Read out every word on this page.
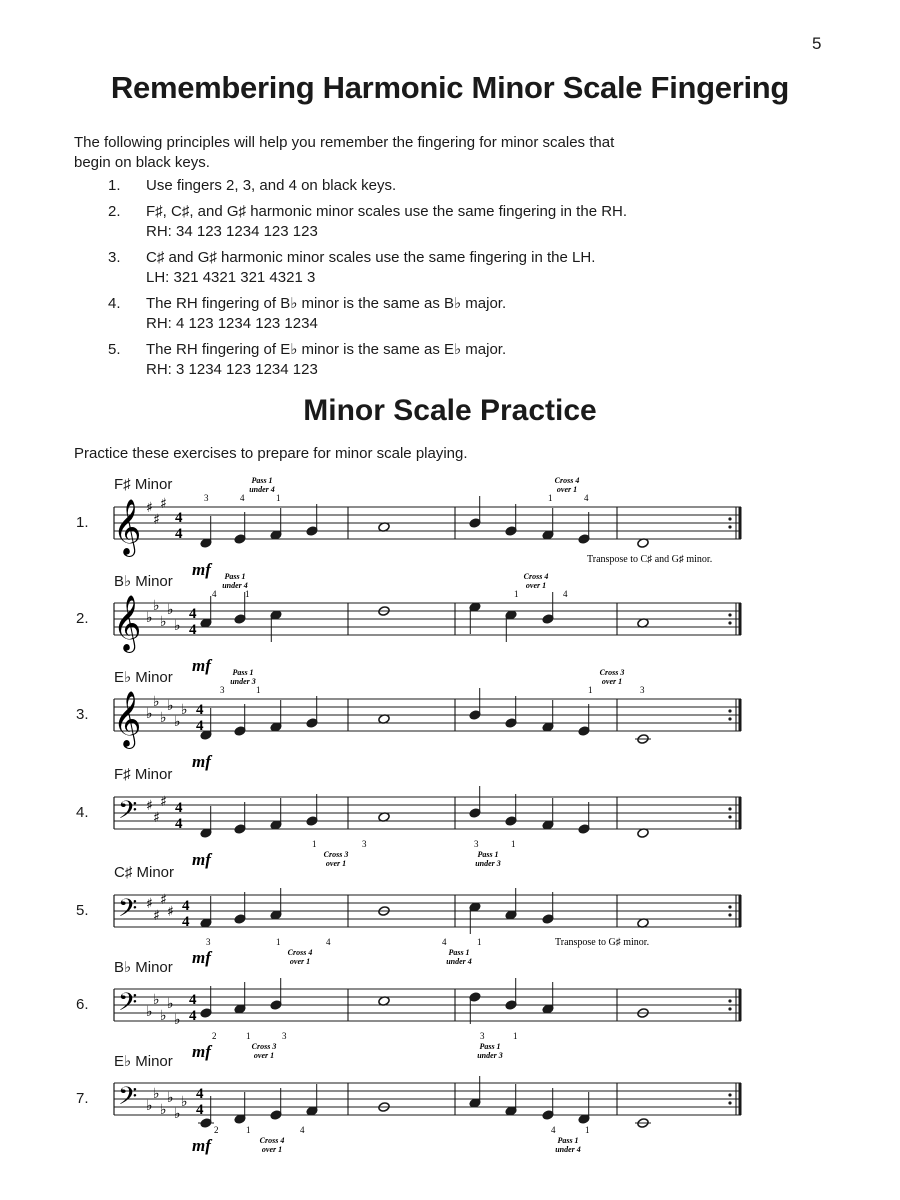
5
Remembering Harmonic Minor Scale Fingering

The following principles will help you remember the fingering for minor scales that
begin on black keys.

1.	Use fingers 2, 3, and 4 on black keys.
2.	F♯, C♯, and G♯ harmonic minor scales use the same fingering in the RH.
RH: 34 123 1234 123 123
3.	C♯ and G♯ harmonic minor scales use the same fingering in the LH.
LH: 321 4321 321 4321 3
4.	The RH fingering of B♭ minor is the same as B♭ major.
RH: 4 123 1234 123 1234
5.	The RH fingering of E♭ minor is the same as E♭ major.
RH: 3 1234 123 1234 123
Minor Scale Practice

Practice these exercises to prepare for minor scale playing.

F♯ Minor
1. 𝄞 ♯
♯
♯
4
4
mf
3	4	1	1	4
Pass 1
under 4
Cross 4
over 1
Transpose to C♯ and G♯ minor.
B♭ Minor
2. 𝄞 ♭
♭
♭
♭
♭
4
4
mf
4	1	1	4
Pass 1
under 4
Cross 4
over 1
E♭ Minor
3. 𝄞 ♭
♭
♭
♭
♭
♭ 4
4
mf
3	1	1	3
Pass 1
under 3
Cross 3
over 1
F♯ Minor
4. 𝄢 ♯
♯
♯ 4
4
mf
1	3	3	1
Cross 3
over 1
Pass 1
under 3
C♯ Minor
5. 𝄢 ♯
♯
♯
♯ 4
4
mf
3	1	4	4	1
Cross 4
over 1
Pass 1
under 4
Transpose to G♯ minor.
B♭ Minor
6. 𝄢 ♭
♭
♭
♭
♭
4
4
mf
2	1	3	3	1
Cross 3
over 1
Pass 1
under 3
E♭ Minor
7. 𝄢 ♭
♭
♭
♭
♭
♭ 4
4
mf
2	1	4	4	1
Cross 4
over 1
Pass 1
under 4
